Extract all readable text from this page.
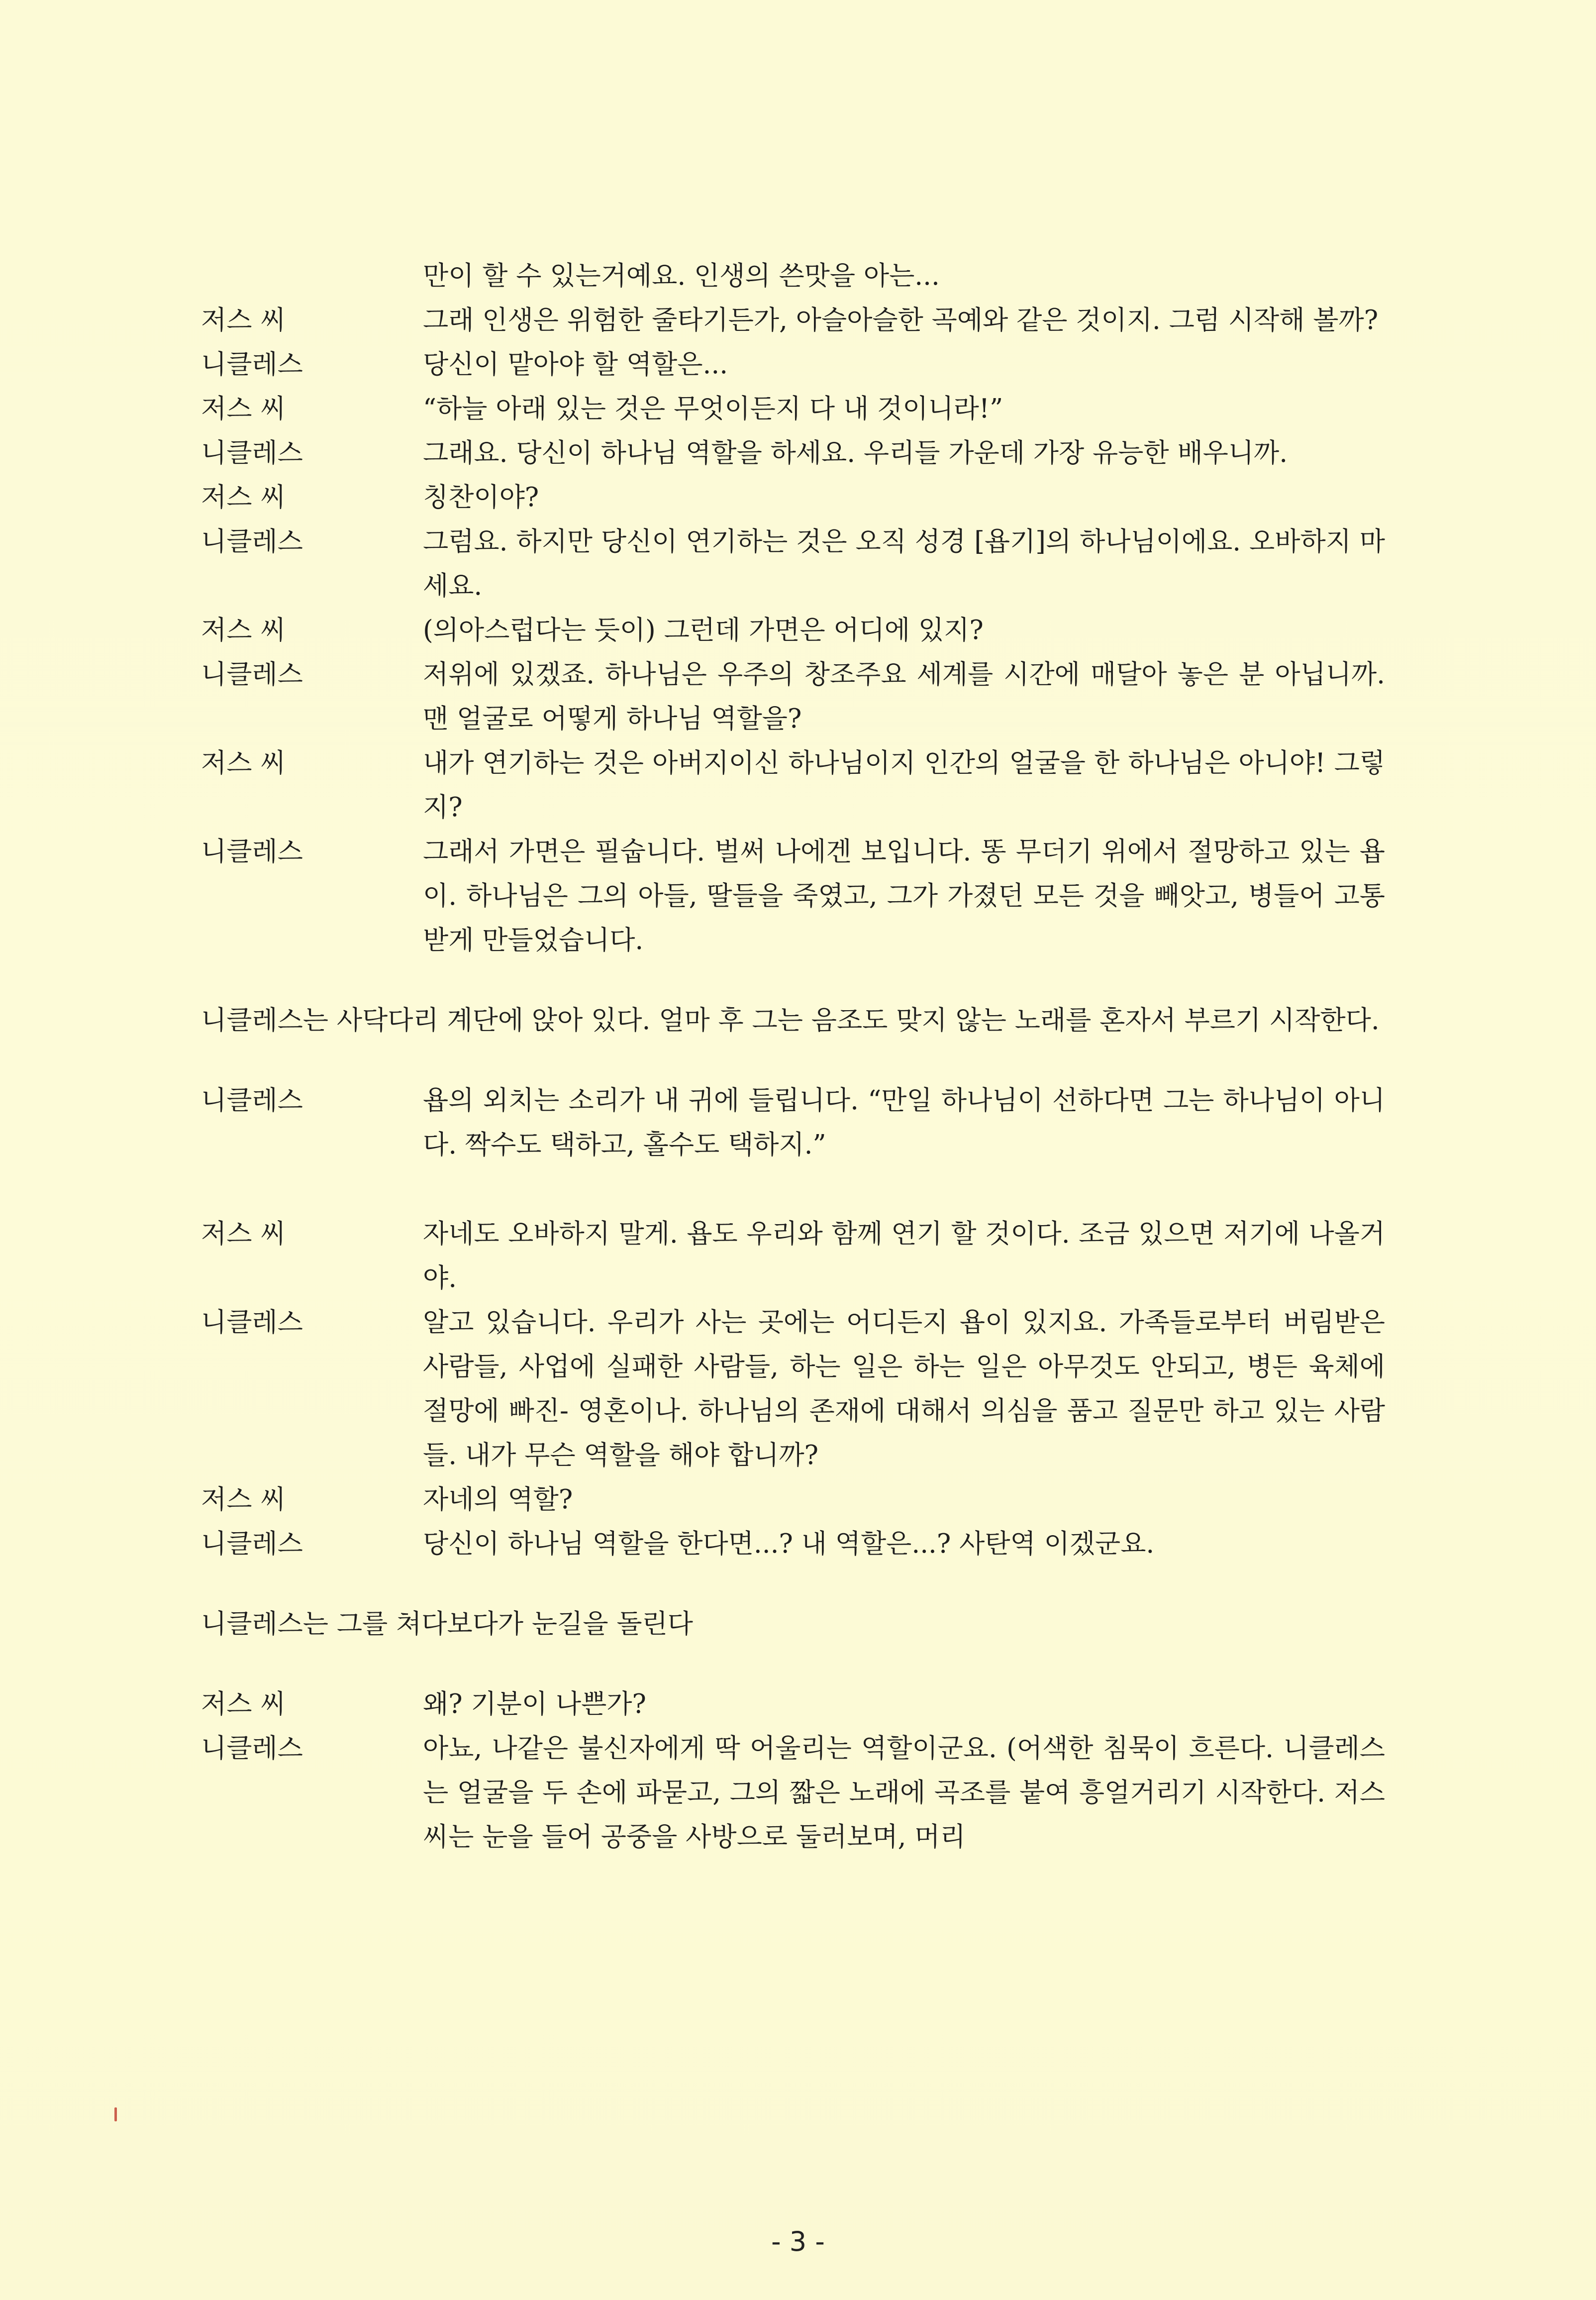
만이 할 수 있는거예요. 인생의 쓴맛을 아는...
저스 씨	그래 인생은 위험한 줄타기든가, 아슬아슬한 곡예와 같은 것이지. 그럼 시작해 볼까?
니클레스	당신이 맡아야 할 역할은...
저스 씨	“하늘 아래 있는 것은 무엇이든지 다 내 것이니라!”
니클레스	그래요. 당신이 하나님 역할을 하세요. 우리들 가운데 가장 유능한 배우니까.
저스 씨	칭찬이야?
니클레스	그럼요. 하지만 당신이 연기하는 것은 오직 성경 [욥기]의 하나님이에요. 오바하지 마세요.
저스 씨	(의아스럽다는 듯이) 그런데 가면은 어디에 있지?
니클레스	저위에 있겠죠. 하나님은 우주의 창조주요 세계를 시간에 매달아 놓은 분 아닙니까. 맨 얼굴로 어떻게 하나님 역할을?
저스 씨	내가 연기하는 것은 아버지이신 하나님이지 인간의 얼굴을 한 하나님은 아니야! 그렇지?
니클레스	그래서 가면은 필숩니다. 벌써 나에겐 보입니다. 똥 무더기 위에서 절망하고 있는 욥이. 하나님은 그의 아들, 딸들을 죽였고, 그가 가졌던 모든 것을 빼앗고, 병들어 고통 받게 만들었습니다.
니클레스는 사닥다리 계단에 앉아 있다. 얼마 후 그는 음조도 맞지 않는 노래를 혼자서 부르기 시작한다.
니클레스	욥의 외치는 소리가 내 귀에 들립니다. “만일 하나님이 선하다면 그는 하나님이 아니다. 짝수도 택하고, 홀수도 택하지.”
저스 씨	자네도 오바하지 말게. 욥도 우리와 함께 연기 할 것이다. 조금 있으면 저기에 나올거야.
니클레스	알고 있습니다. 우리가 사는 곳에는 어디든지 욥이 있지요. 가족들로부터 버림받은 사람들, 사업에 실패한 사람들, 하는 일은 하는 일은 아무것도 안되고, 병든 육체에 절망에 빠진- 영혼이나. 하나님의 존재에 대해서 의심을 품고 질문만 하고 있는 사람들. 내가 무슨 역할을 해야 합니까?
저스 씨	자네의 역할?
니클레스	당신이 하나님 역할을 한다면...? 내 역할은...? 사탄역 이겠군요.
니클레스는 그를 쳐다보다가 눈길을 돌린다
저스 씨	왜? 기분이 나쁜가?
니클레스	아뇨, 나같은 불신자에게 딱 어울리는 역할이군요. (어색한 침묵이 흐른다. 니클레스는 얼굴을 두 손에 파묻고, 그의 짧은 노래에 곡조를 붙여 흥얼거리기 시작한다. 저스 씨는 눈을 들어 공중을 사방으로 둘러보며, 머리
- 3 -
